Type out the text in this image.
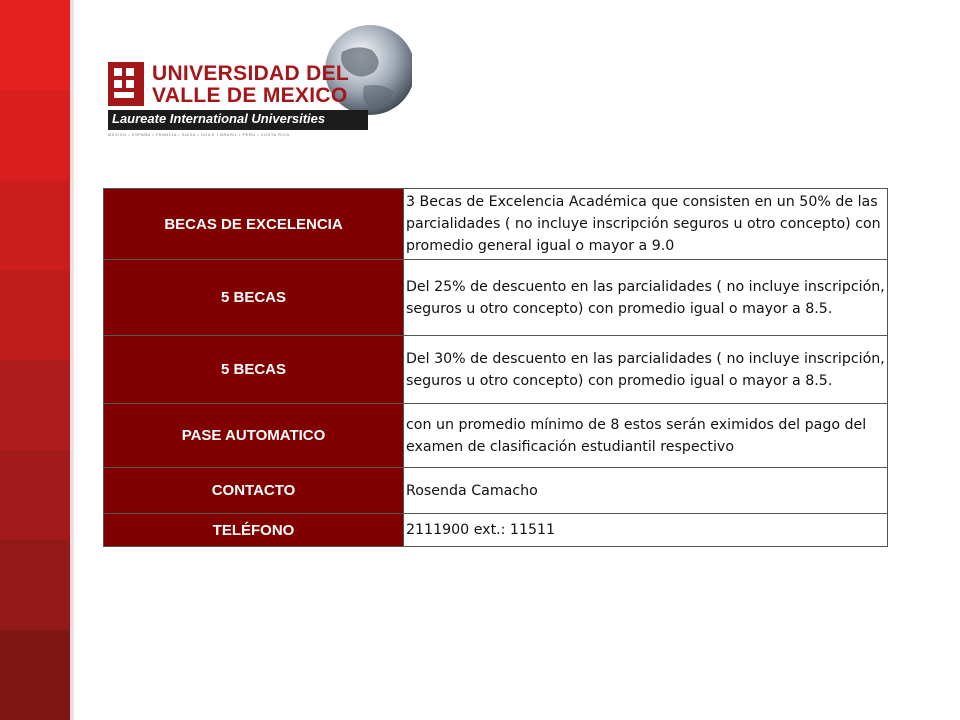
UNIVERSIDAD DEL
VALLE DE MEXICO
Laureate International Universities
MEXICO • ESPAÑA • FRANCIA • SUIZA • CHILE • BRASIL • PERU • COSTA RICA
BECAS DE EXCELENCIA	3 Becas de Excelencia Académica que consisten en un 50% de las parcialidades ( no incluye inscripción seguros u otro concepto) con promedio general igual o mayor a 9.0
5 BECAS	Del 25% de descuento en las parcialidades ( no incluye inscripción, seguros u otro concepto) con promedio igual o mayor a 8.5.
5 BECAS	Del 30% de descuento en las parcialidades ( no incluye inscripción, seguros u otro concepto) con promedio igual o mayor a 8.5.
PASE AUTOMATICO	con un promedio mínimo de 8 estos serán eximidos del pago del examen de clasificación estudiantil respectivo
CONTACTO	Rosenda Camacho
TELÉFONO	2111900 ext.: 11511
